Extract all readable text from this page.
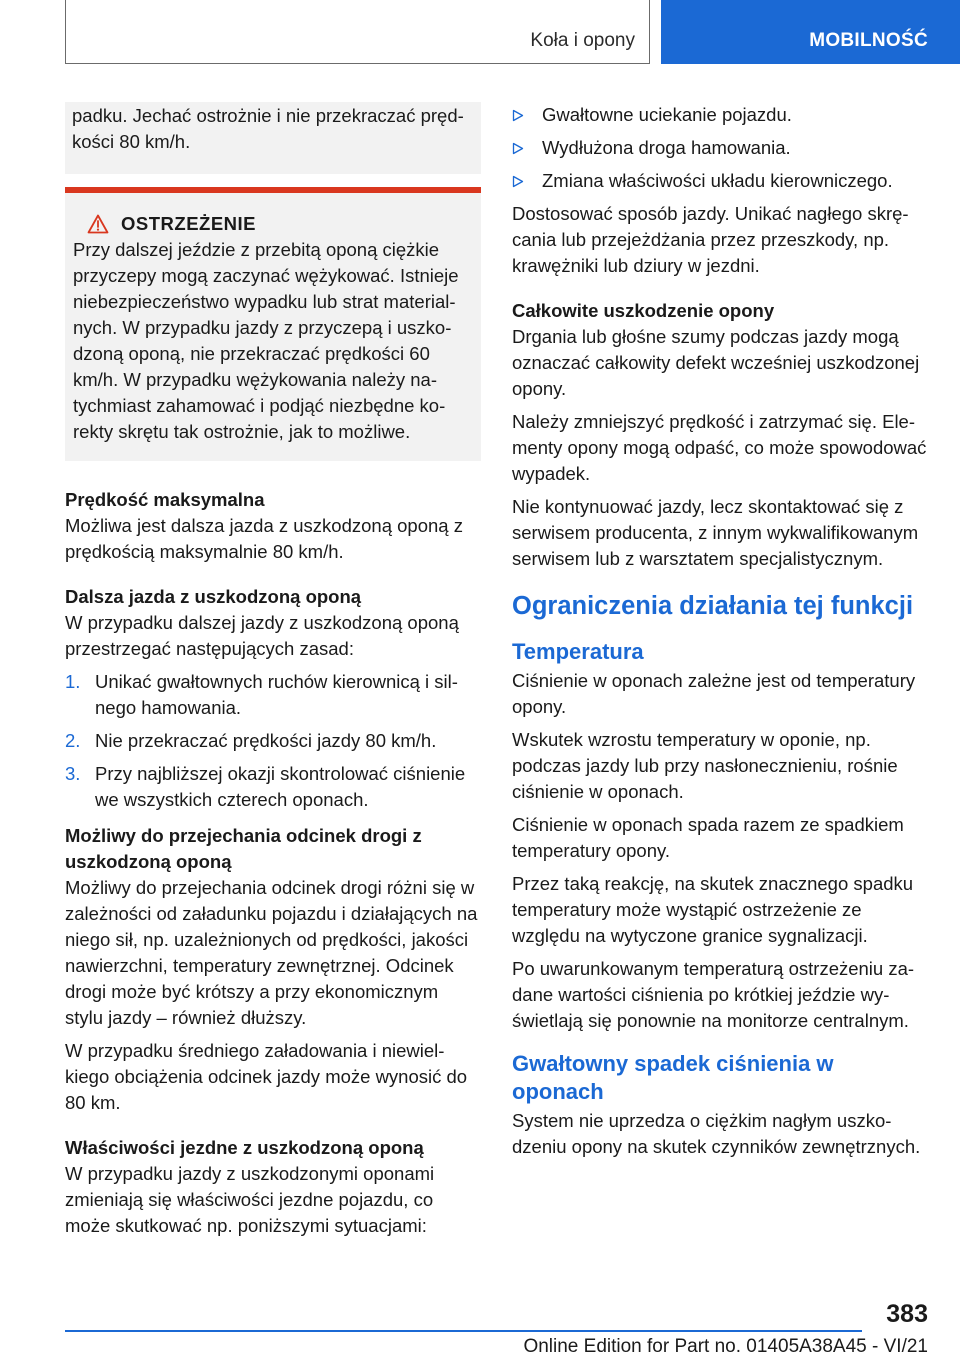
Koła i opony	MOBILNOŚĆ

padku. Jechać ostrożnie i nie przekraczać prędkości 80 km/h.

OSTRZEŻENIE

Przy dalszej jeździe z przebitą oponą ciężkie przyczepy mogą zaczynać wężykować. Istnieje niebezpieczeństwo wypadku lub strat materialnych. W przypadku jazdy z przyczepą i uszkodzoną oponą, nie przekraczać prędkości 60 km/h. W przypadku wężykowania należy natychmiast zahamować i podjąć niezbędne korekty skrętu tak ostrożnie, jak to możliwe.

Prędkość maksymalna

Możliwa jest dalsza jazda z uszkodzoną oponą z prędkością maksymalnie 80 km/h.

Dalsza jazda z uszkodzoną oponą

W przypadku dalszej jazdy z uszkodzoną oponą przestrzegać następujących zasad:

1. Unikać gwałtownych ruchów kierownicą i silnego hamowania.
2. Nie przekraczać prędkości jazdy 80 km/h.
3. Przy najbliższej okazji skontrolować ciśnienie we wszystkich czterech oponach.
Możliwy do przejechania odcinek drogi z uszkodzoną oponą

Możliwy do przejechania odcinek drogi różni się w zależności od załadunku pojazdu i działających na niego sił, np. uzależnionych od prędkości, jakości nawierzchni, temperatury zewnętrznej. Odcinek drogi może być krótszy a przy ekonomicznym stylu jazdy – również dłuższy.

W przypadku średniego załadowania i niewielkiego obciążenia odcinek jazdy może wynosić do 80 km.

Właściwości jezdne z uszkodzoną oponą

W przypadku jazdy z uszkodzonymi oponami zmieniają się właściwości jezdne pojazdu, co może skutkować np. poniższymi sytuacjami:

Gwałtowne uciekanie pojazdu.
Wydłużona droga hamowania.
Zmiana właściwości układu kierowniczego.

Dostosować sposób jazdy. Unikać nagłego skręcania lub przejeżdżania przez przeszkody, np. krawężniki lub dziury w jezdni.

Całkowite uszkodzenie opony

Drgania lub głośne szumy podczas jazdy mogą oznaczać całkowity defekt wcześniej uszkodzonej opony.

Należy zmniejszyć prędkość i zatrzymać się. Elementy opony mogą odpaść, co może spowodować wypadek.

Nie kontynuować jazdy, lecz skontaktować się z serwisem producenta, z innym wykwalifikowanym serwisem lub z warsztatem specjalistycznym.

Ograniczenia działania tej funkcji
Temperatura

Ciśnienie w oponach zależne jest od temperatury opony.

Wskutek wzrostu temperatury w oponie, np. podczas jazdy lub przy nasłonecznieniu, rośnie ciśnienie w oponach.

Ciśnienie w oponach spada razem ze spadkiem temperatury opony.

Przez taką reakcję, na skutek znacznego spadku temperatury może wystąpić ostrzeżenie ze względu na wytyczone granice sygnalizacji.

Po uwarunkowanym temperaturą ostrzeżeniu zadane wartości ciśnienia po krótkiej jeździe wyświetlają się ponownie na monitorze centralnym.

Gwałtowny spadek ciśnienia w oponach

System nie uprzedza o ciężkim nagłym uszkodzeniu opony na skutek czynników zewnętrznych.

383
Online Edition for Part no. 01405A38A45 - VI/21
